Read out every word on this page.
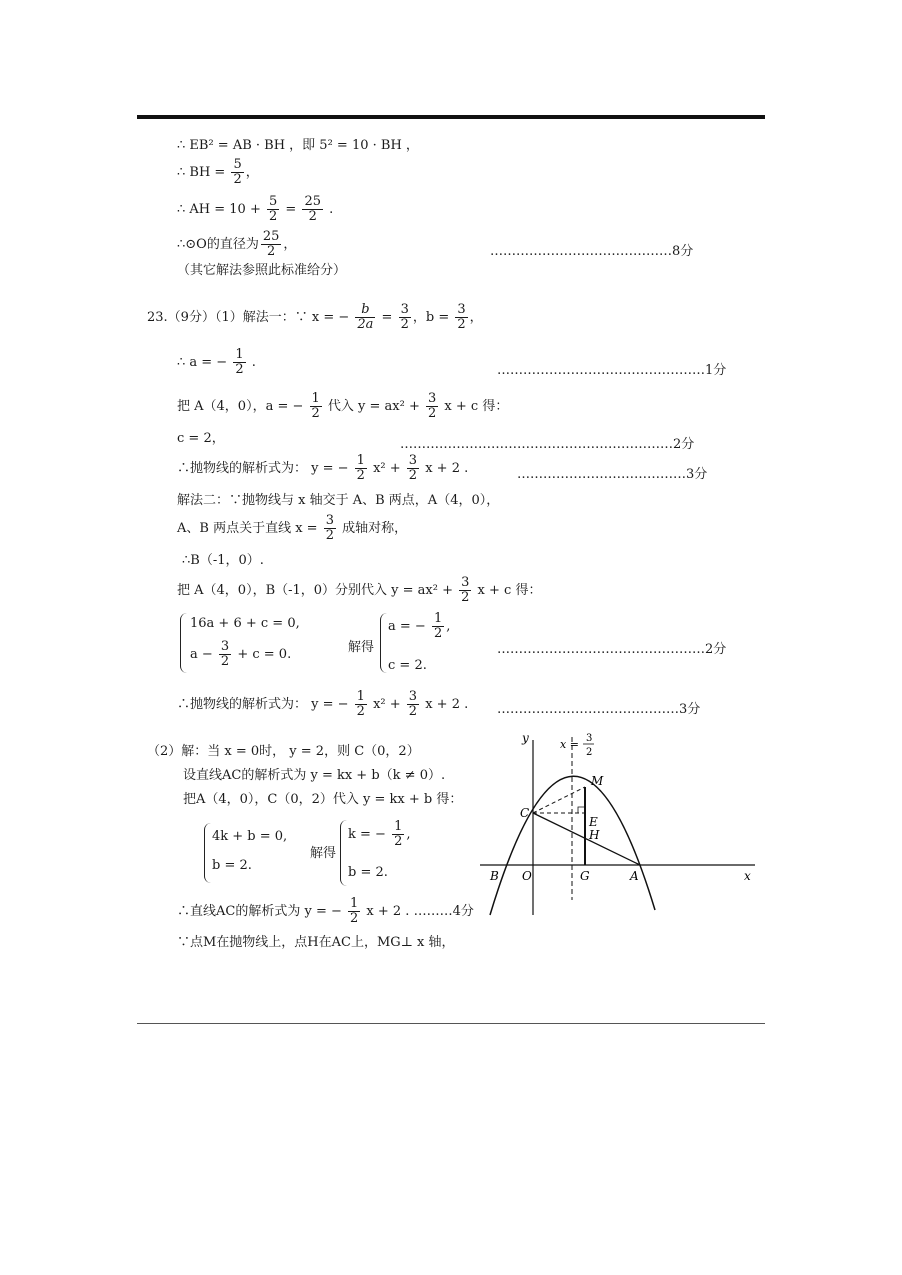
∴ EB² = AB · BH ，即 5² = 10 · BH ，
∴ BH = $\frac{5}{2}$ ，
∴ AH = $10 + \frac{5}{2} = \frac{25}{2}$ .
∴⊙O的直径为 $\frac{25}{2}$ ，	……………………………………8分
（其它解法参照此标准给分）
23.（9分）（1）解法一：∵ x = − $\frac{b}{2a} = \frac{3}{2}$ ，$b = \frac{3}{2}$ ，
∴ a = − $\frac{1}{2}$ .
…………………………………………1分
把 A（4，0），a = − $\frac{1}{2}$ 代入 $y = ax^2 + \frac{3}{2}$ x + c 得：
c = 2，	………………………………………………………2分
∴抛物线的解析式为： y = − $\frac{1}{2} x^2 + \frac{3}{2}$ x + 2 .	…………………………………3分
解法二：∵抛物线与 x 轴交于 A、B 两点，A（4，0），
A、B 两点关于直线 $x = \frac{3}{2}$ 成轴对称，
∴B（-1，0）.
把 A（4，0），B（-1，0）分别代入 $y = ax^2 + \frac{3}{2}$ x + c 得：
16a + 6 + c = 0,
$a - \frac{3}{2} + c = 0$.	解得
a = − $\frac{1}{2}$ ,
c = 2.
…………………………………………2分
∴抛物线的解析式为： y = − $\frac{1}{2} x^2 + \frac{3}{2}$ x + 2 . ……………………………………3分
（2）解：当 x = 0时， y = 2，则 C（0，2）
设直线AC的解析式为 y = kx + b（k ≠ 0）.
把A（4，0），C（0，2）代入 y = kx + b 得：
4k + b = 0,
b = 2.
解得
k = − $\frac{1}{2}$ ,
b = 2.
∴直线AC的解析式为 y = − $\frac{1}{2}$ x + 2 . ………4分
∵点M在抛物线上，点H在AC上，MG⊥ x 轴，
y
x
O
B	G	A
C
M
E
H
x = 3
2
